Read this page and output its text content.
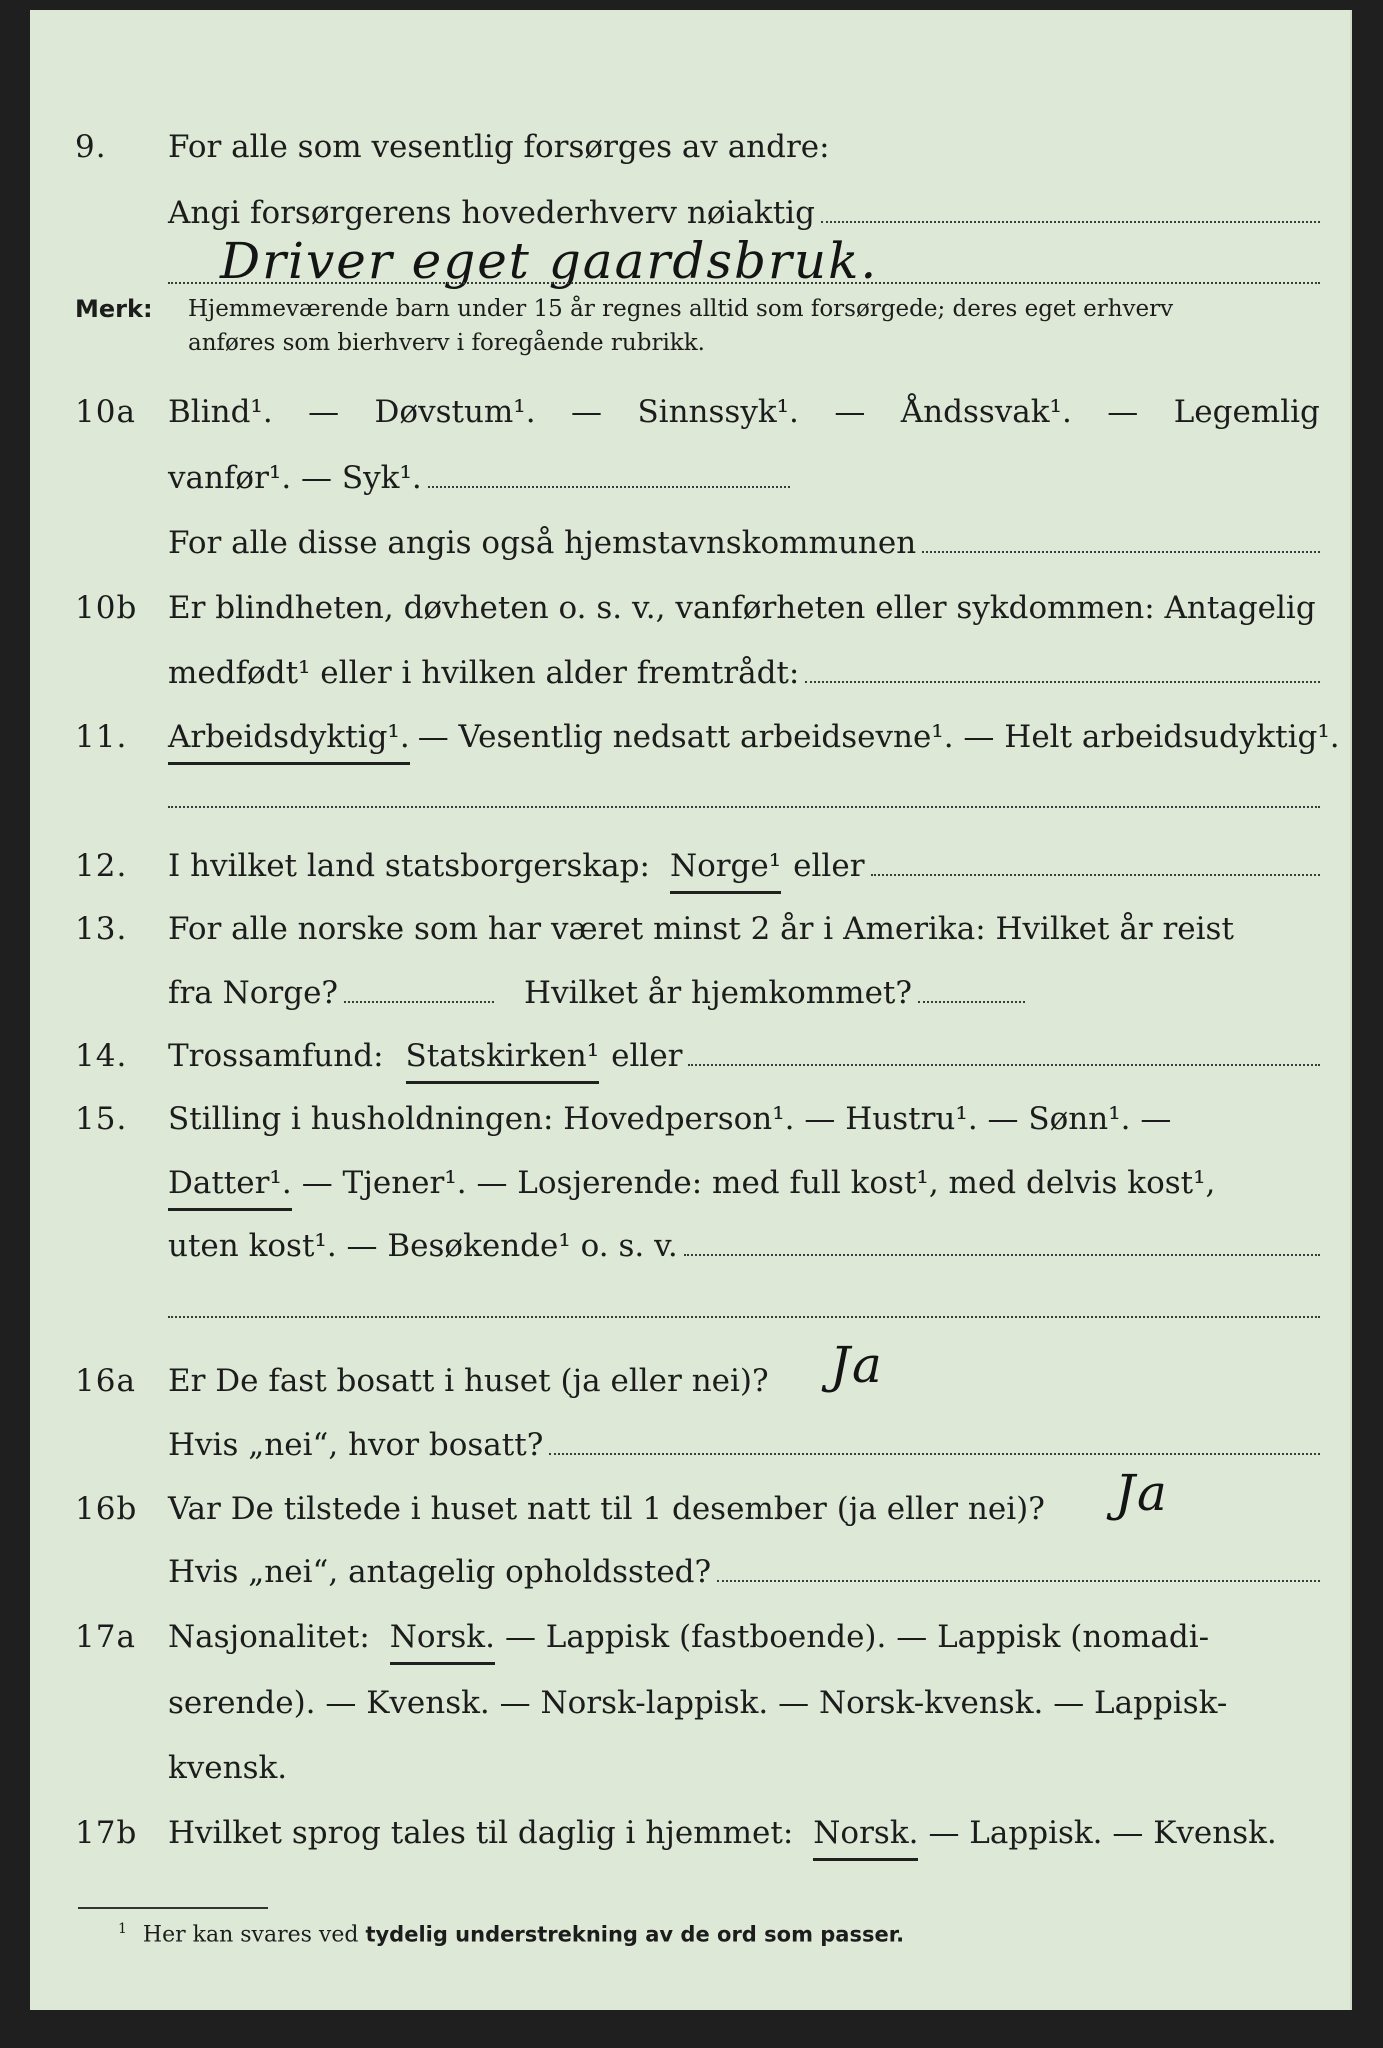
9. For alle som vesentlig forsørges av andre:
Angi forsørgerens hovederhverv nøiaktig
Driver eget gaardsbruk.
Merk: Hjemmeværende barn under 15 år regnes alltid som forsørgede; deres eget erhverv
anføres som bierhverv i foregående rubrikk.
10a Blind¹. — Døvstum¹. — Sinnssyk¹. — Åndssvak¹. — Legemlig
vanfør¹. — Syk¹.
For alle disse angis også hjemstavnskommunen
10b Er blindheten, døvheten o. s. v., vanførheten eller sykdommen: Antagelig
medfødt¹ eller i hvilken alder fremtrådt:
11. Arbeidsdyktig¹. — Vesentlig nedsatt arbeidsevne¹. — Helt arbeidsudyktig¹.
12. I hvilket land statsborgerskap: Norge¹ eller
13. For alle norske som har været minst 2 år i Amerika: Hvilket år reist
fra Norge?	Hvilket år hjemkommet?
14. Trossamfund: Statskirken¹ eller
15. Stilling i husholdningen: Hovedperson¹. — Hustru¹. — Sønn¹. —
Datter¹. — Tjener¹. — Losjerende: med full kost¹, med delvis kost¹,
uten kost¹. — Besøkende¹ o. s. v.
16a Er De fast bosatt i huset (ja eller nei)? Ja
Hvis „nei“, hvor bosatt?
16b Var De tilstede i huset natt til 1 desember (ja eller nei)? Ja
Hvis „nei“, antagelig opholdssted?
17a Nasjonalitet: Norsk. — Lappisk (fastboende). — Lappisk (nomadi-
serende). — Kvensk. — Norsk-lappisk. — Norsk-kvensk. — Lappisk-
kvensk.
17b Hvilket sprog tales til daglig i hjemmet: Norsk. — Lappisk. — Kvensk.
$^1$ Her kan svares ved tydelig understrekning av de ord som passer.
